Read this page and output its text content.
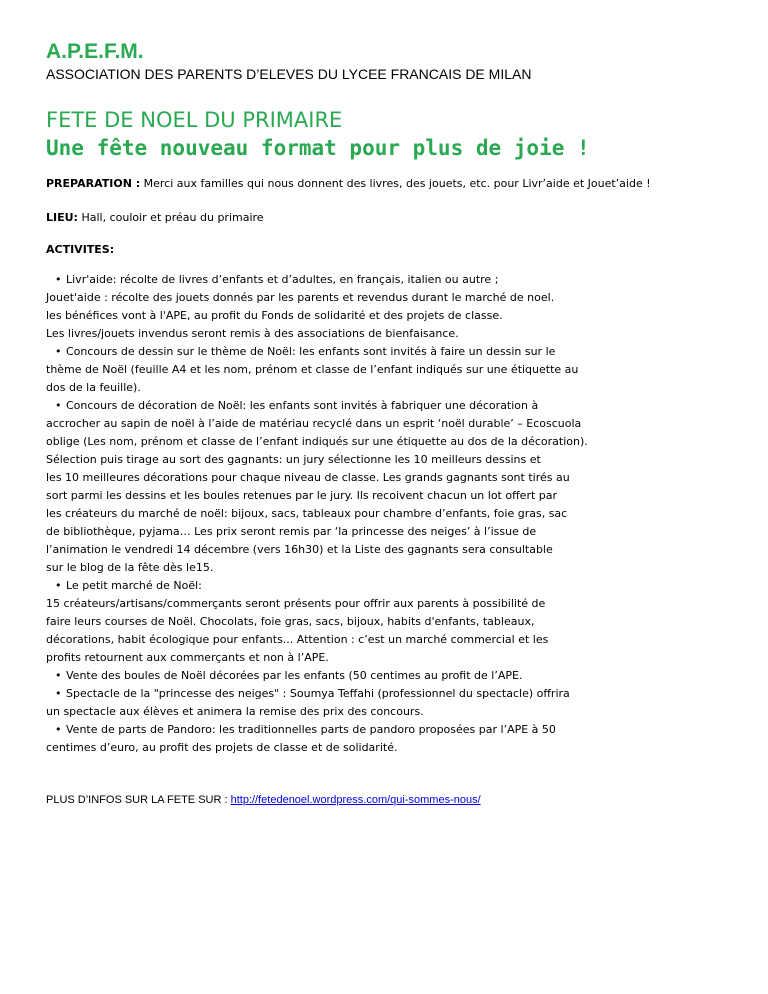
A.P.E.F.M.

ASSOCIATION DES PARENTS D’ELEVES DU LYCEE FRANCAIS DE MILAN

FETE DE NOEL DU PRIMAIRE

Une fête nouveau format pour plus de joie !

PREPARATION : Merci aux familles qui nous donnent des livres, des jouets, etc. pour Livr’aide et Jouet’aide !

LIEU: Hall, couloir et préau du primaire

ACTIVITES:

• Livr'aide: récolte de livres d’enfants et d’adultes, en français, italien ou autre ;
Jouet'aide : récolte des jouets donnés par les parents et revendus durant le marché de noel.
les bénéfices vont à l'APE, au profit du Fonds de solidarité et des projets de classe.
Les livres/jouets invendus seront remis à des associations de bienfaisance.
• Concours de dessin sur le thème de Noël: les enfants sont invités à faire un dessin sur le
thème de Noël (feuille A4 et les nom, prénom et classe de l’enfant indiqués sur une étiquette au
dos de la feuille).
• Concours de décoration de Noël: les enfants sont invités à fabriquer une décoration à
accrocher au sapin de noël à l’aide de matériau recyclé dans un esprit ‘noël durable’ – Ecoscuola
oblige (Les nom, prénom et classe de l’enfant indiqués sur une étiquette au dos de la décoration).
Sélection puis tirage au sort des gagnants: un jury sélectionne les 10 meilleurs dessins et
les 10 meilleures décorations pour chaque niveau de classe. Les grands gagnants sont tirés au
sort parmi les dessins et les boules retenues par le jury. Ils recoivent chacun un lot offert par
les créateurs du marché de noël: bijoux, sacs, tableaux pour chambre d’enfants, foie gras, sac
de bibliothèque, pyjama… Les prix seront remis par ‘la princesse des neiges’ à l’issue de
l’animation le vendredi 14 décembre (vers 16h30) et la Liste des gagnants sera consultable
sur le blog de la fête dès le15.
• Le petit marché de Noël:
15 créateurs/artisans/commerçants seront présents pour offrir aux parents à possibilité de
faire leurs courses de Noël. Chocolats, foie gras, sacs, bijoux, habits d'enfants, tableaux,
décorations, habit écologique pour enfants... Attention : c’est un marché commercial et les
profits retournent aux commerçants et non à l’APE.
• Vente des boules de Noël décorées par les enfants (50 centimes au profit de l’APE.
• Spectacle de la "princesse des neiges" : Soumya Teffahi (professionnel du spectacle) offrira
un spectacle aux élèves et animera la remise des prix des concours.
• Vente de parts de Pandoro: les traditionnelles parts de pandoro proposées par l’APE à 50
centimes d’euro, au profit des projets de classe et de solidarité.

PLUS D’INFOS SUR LA FETE SUR : http://fetedenoel.wordpress.com/qui-sommes-nous/
